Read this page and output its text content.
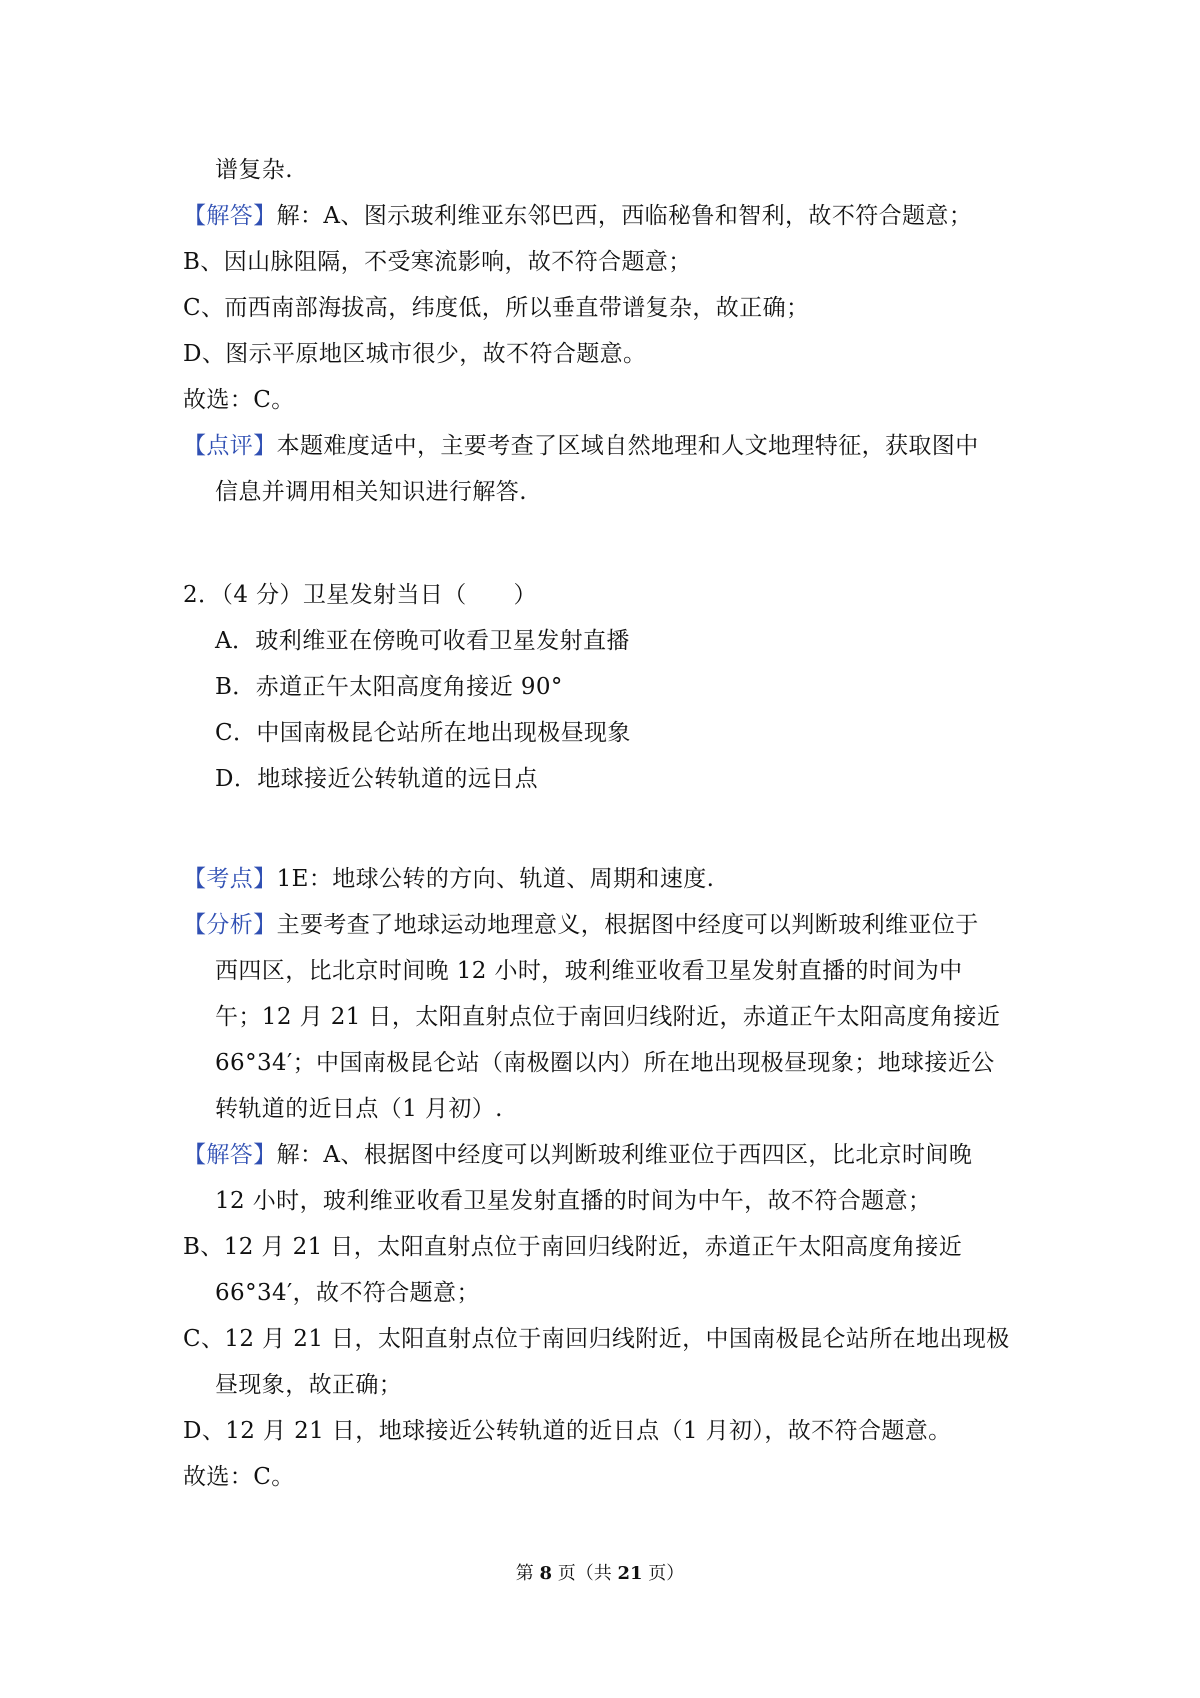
谱复杂.
【解答】解：A、图示玻利维亚东邻巴西，西临秘鲁和智利，故不符合题意；
B、因山脉阻隔，不受寒流影响，故不符合题意；
C、而西南部海拔高，纬度低，所以垂直带谱复杂，故正确；
D、图示平原地区城市很少，故不符合题意。
故选：C。
【点评】本题难度适中，主要考查了区域自然地理和人文地理特征，获取图中
信息并调用相关知识进行解答.
2．（4 分）卫星发射当日（　　）
A．玻利维亚在傍晚可收看卫星发射直播
B．赤道正午太阳高度角接近 90°
C．中国南极昆仑站所在地出现极昼现象
D．地球接近公转轨道的远日点
【考点】1E：地球公转的方向、轨道、周期和速度.
【分析】主要考查了地球运动地理意义，根据图中经度可以判断玻利维亚位于
西四区，比北京时间晚 12 小时，玻利维亚收看卫星发射直播的时间为中
午；12 月 21 日，太阳直射点位于南回归线附近，赤道正午太阳高度角接近
66°34′；中国南极昆仑站（南极圈以内）所在地出现极昼现象；地球接近公
转轨道的近日点（1 月初）.
【解答】解：A、根据图中经度可以判断玻利维亚位于西四区，比北京时间晚
12 小时，玻利维亚收看卫星发射直播的时间为中午，故不符合题意；
B、12 月 21 日，太阳直射点位于南回归线附近，赤道正午太阳高度角接近
66°34′，故不符合题意；
C、12 月 21 日，太阳直射点位于南回归线附近，中国南极昆仑站所在地出现极
昼现象，故正确；
D、12 月 21 日，地球接近公转轨道的近日点（1 月初），故不符合题意。
故选：C。
第 8 页（共 21 页）
